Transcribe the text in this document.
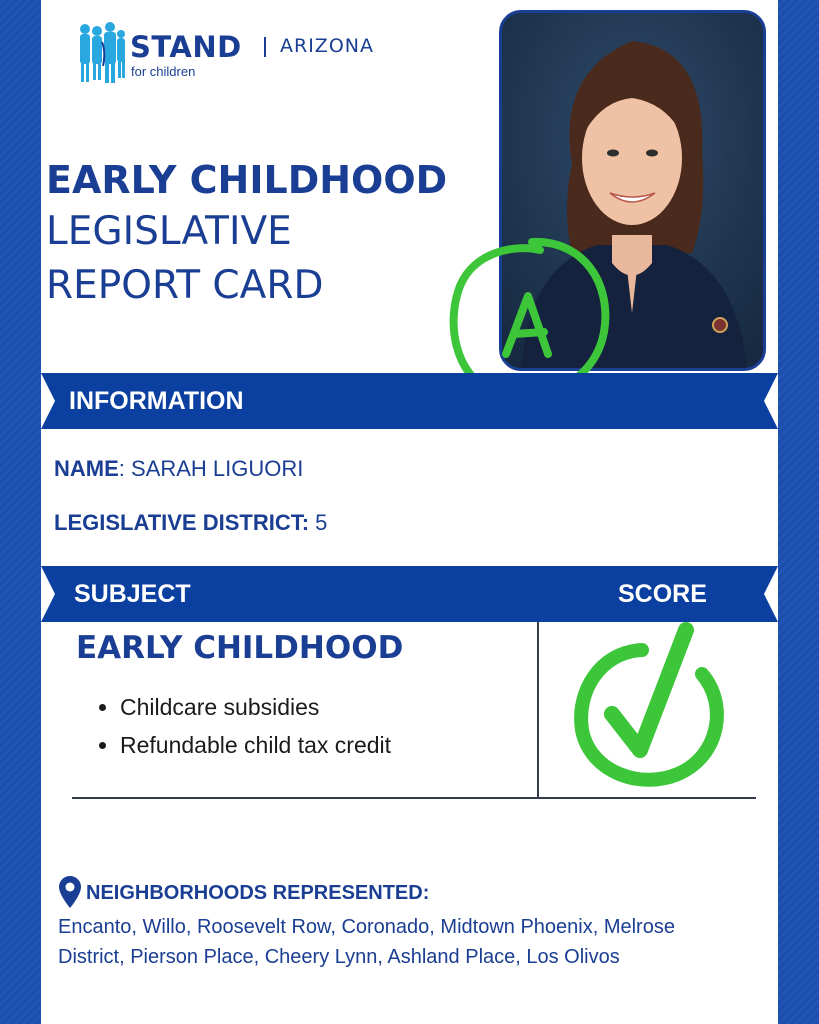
STAND
for children
ARIZONA
EARLY CHILDHOOD
LEGISLATIVE
REPORT CARD
INFORMATION
NAME: SARAH LIGUORI
LEGISLATIVE DISTRICT: 5
SUBJECT	SCORE
EARLY CHILDHOOD
Childcare subsidies
Refundable child tax credit
NEIGHBORHOODS REPRESENTED:
Encanto, Willo, Roosevelt Row, Coronado, Midtown Phoenix, Melrose
District, Pierson Place, Cheery Lynn, Ashland Place, Los Olivos
